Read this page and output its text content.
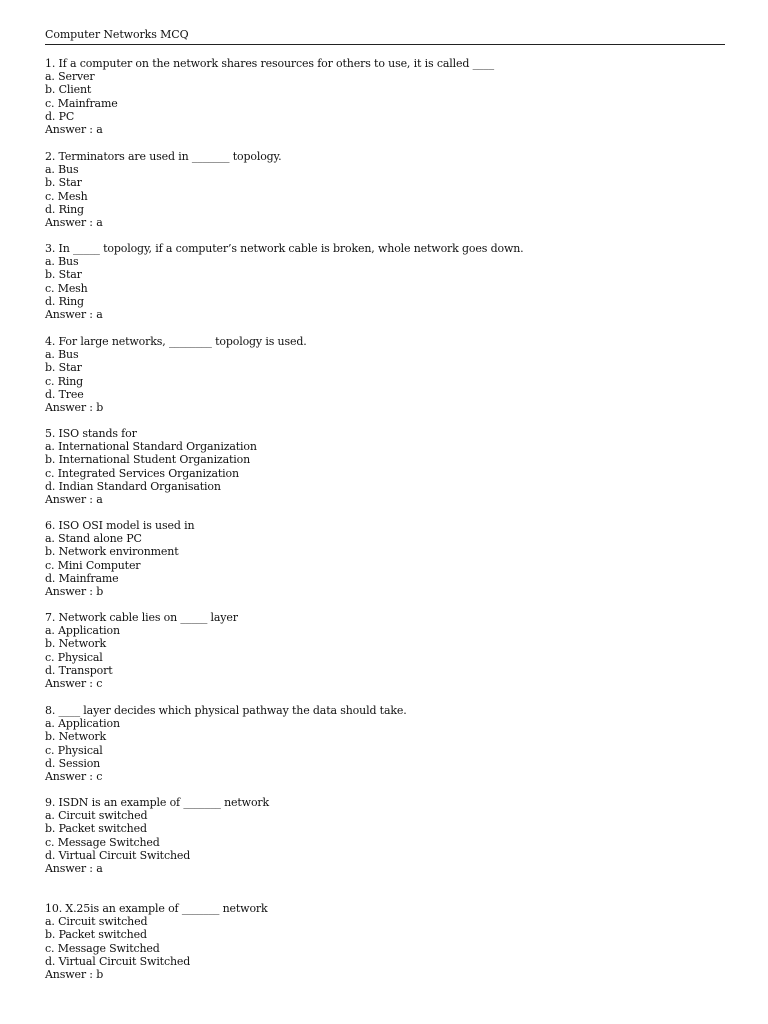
Computer Networks MCQ
1. If a computer on the network shares resources for others to use, it is called ____
a. Server
b. Client
c. Mainframe
d. PC
Answer : a
2. Terminators are used in _______ topology.
a. Bus
b. Star
c. Mesh
d. Ring
Answer : a
3. In _____ topology, if a computer’s network cable is broken, whole network goes down.
a. Bus
b. Star
c. Mesh
d. Ring
Answer : a
4. For large networks, ________ topology is used.
a. Bus
b. Star
c. Ring
d. Tree
Answer : b
5. ISO stands for
a. International Standard Organization
b. International Student Organization
c. Integrated Services Organization
d. Indian Standard Organisation
Answer : a
6. ISO OSI model is used in
a. Stand alone PC
b. Network environment
c. Mini Computer
d. Mainframe
Answer : b
7. Network cable lies on _____ layer
a. Application
b. Network
c. Physical
d. Transport
Answer : c
8. ____ layer decides which physical pathway the data should take.
a. Application
b. Network
c. Physical
d. Session
Answer : c
9. ISDN is an example of _______ network
a. Circuit switched
b. Packet switched
c. Message Switched
d. Virtual Circuit Switched
Answer : a
10. X.25is an example of _______ network
a. Circuit switched
b. Packet switched
c. Message Switched
d. Virtual Circuit Switched
Answer : b
